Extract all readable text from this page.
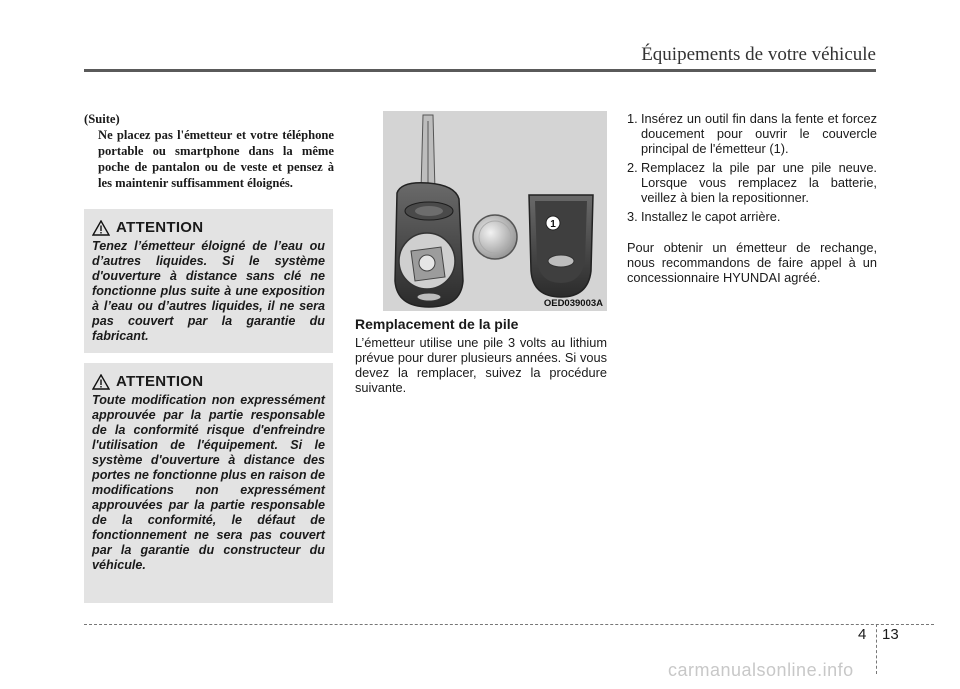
Équipements de votre véhicule
(Suite)
Ne placez pas l'émetteur et votre téléphone portable ou smartphone dans la même poche de pantalon ou de veste et pensez à les maintenir suffisamment éloignés.
ATTENTION
Tenez l’émetteur éloigné de l’eau ou d’autres liquides. Si le système d'ouverture à distance sans clé ne fonctionne plus suite à une exposition à l’eau ou d’autres liquides, il ne sera pas couvert par la garantie du fabricant.
ATTENTION
Toute modification non expressément approuvée par la partie responsable de la conformité risque d'enfreindre l'utilisation de l'équipement. Si le système d'ouverture à distance des portes ne fonctionne plus en raison de modifications non expressément approuvées par la partie responsable de la conformité, le défaut de fonctionnement ne sera pas couvert par la garantie du constructeur du véhicule.
1
OED039003A
Remplacement de la pile
L’émetteur utilise une pile 3 volts au lithium prévue pour durer plusieurs années. Si vous devez la remplacer, suivez la procédure suivante.
1. Insérez un outil fin dans la fente et forcez doucement pour ouvrir le couvercle principal de l'émetteur (1).
2. Remplacez la pile par une pile neuve. Lorsque vous remplacez la batterie, veillez à bien la repositionner.
3. Installez le capot arrière.
Pour obtenir un émetteur de rechange, nous recommandons de faire appel à un concessionnaire HYUNDAI agréé.
4 13
carmanualsonline.info
